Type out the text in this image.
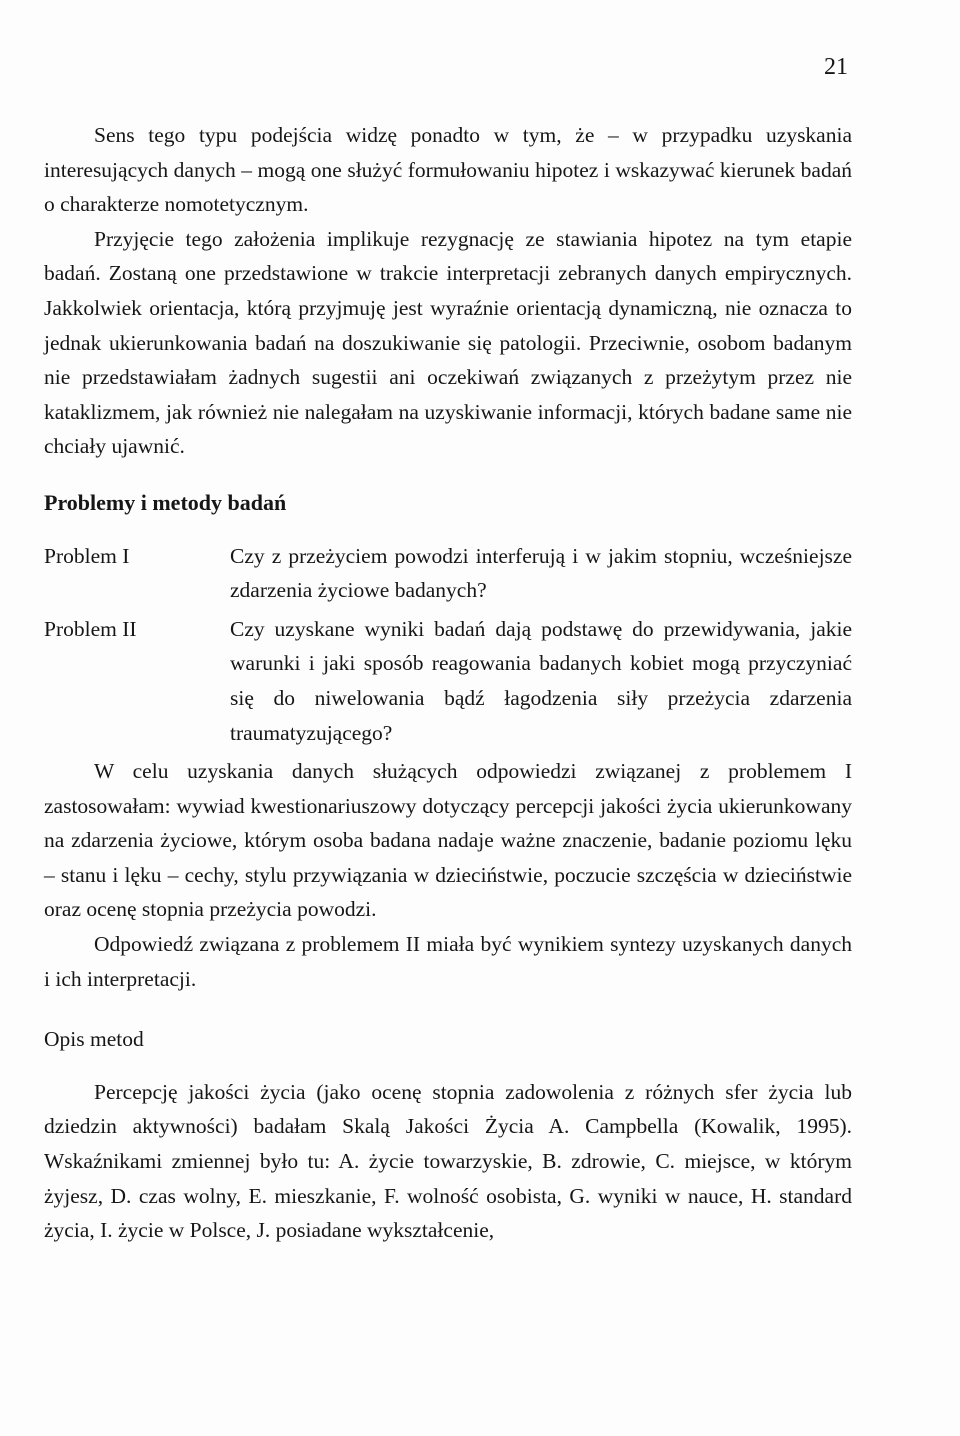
21

Sens tego typu podejścia widzę ponadto w tym, że – w przypadku uzyskania interesujących danych – mogą one służyć formułowaniu hipotez i wskazywać kierunek badań o charakterze nomotetycznym.

Przyjęcie tego założenia implikuje rezygnację ze stawiania hipotez na tym etapie badań. Zostaną one przedstawione w trakcie interpretacji zebranych danych empirycznych. Jakkolwiek orientacja, którą przyjmuję jest wyraźnie orientacją dynamiczną, nie oznacza to jednak ukierunkowania badań na doszukiwanie się patologii. Przeciwnie, osobom badanym nie przedstawiałam żadnych sugestii ani oczekiwań związanych z przeżytym przez nie kataklizmem, jak również nie nalegałam na uzyskiwanie informacji, których badane same nie chciały ujawnić.

Problemy i metody badań
Problem I	Czy z przeżyciem powodzi interferują i w jakim stopniu, wcześniejsze zdarzenia życiowe badanych?
Problem II	Czy uzyskane wyniki badań dają podstawę do przewidywania, jakie warunki i jaki sposób reagowania badanych kobiet mogą przyczyniać się do niwelowania bądź łagodzenia siły przeżycia zdarzenia traumatyzującego?

W celu uzyskania danych służących odpowiedzi związanej z problemem I zastosowałam: wywiad kwestionariuszowy dotyczący percepcji jakości życia ukierunkowany na zdarzenia życiowe, którym osoba badana nadaje ważne znaczenie, badanie poziomu lęku – stanu i lęku – cechy, stylu przywiązania w dzieciństwie, poczucie szczęścia w dzieciństwie oraz ocenę stopnia przeżycia powodzi.

Odpowiedź związana z problemem II miała być wynikiem syntezy uzyskanych danych i ich interpretacji.

Opis metod

Percepcję jakości życia (jako ocenę stopnia zadowolenia z różnych sfer życia lub dziedzin aktywności) badałam Skalą Jakości Życia A. Campbella (Kowalik, 1995). Wskaźnikami zmiennej było tu: A. życie towarzyskie, B. zdrowie, C. miejsce, w którym żyjesz, D. czas wolny, E. mieszkanie, F. wolność osobista, G. wyniki w nauce, H. standard życia, I. życie w Polsce, J. posiadane wykształcenie,
